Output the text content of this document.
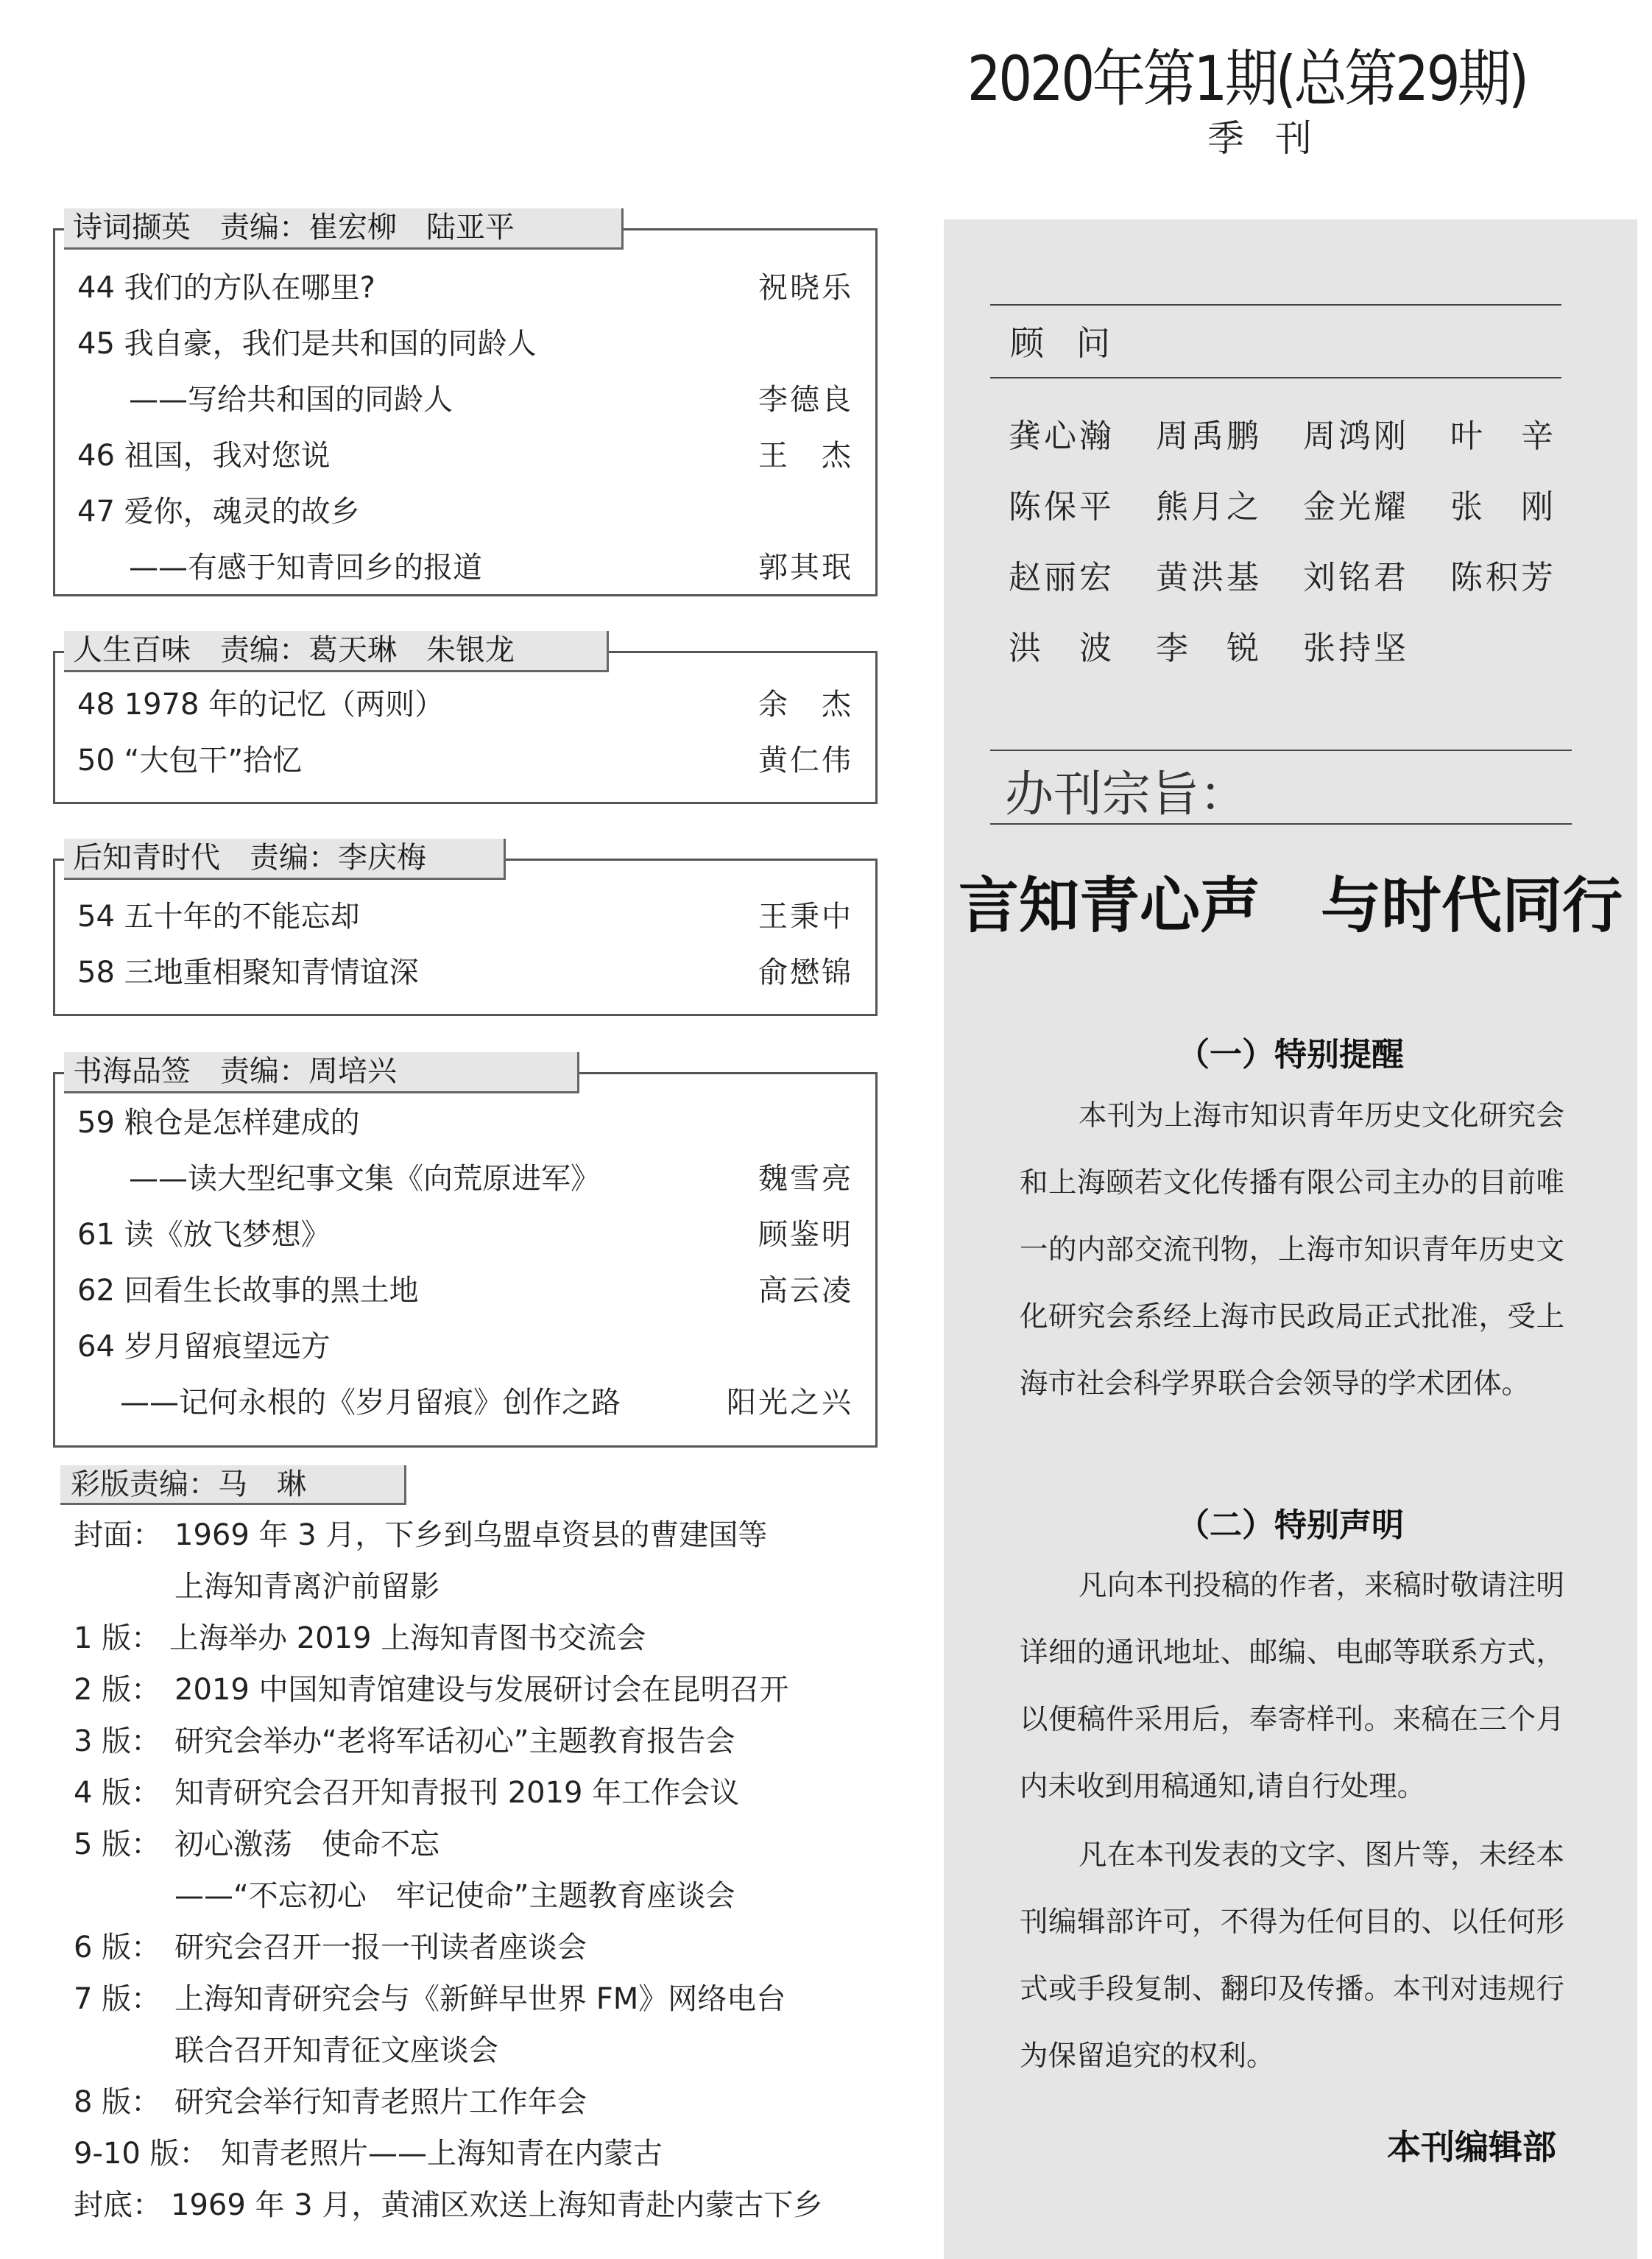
2020年第1期(总第29期)
季刊
诗词撷英　责编：崔宏柳　陆亚平
44 我们的方队在哪里?	祝晓乐
45 我自豪，我们是共和国的同龄人
——写给共和国的同龄人	李德良
46 祖国，我对您说	王　杰
47 爱你，魂灵的故乡
——有感于知青回乡的报道	郭其珉
人生百味　责编：葛天琳　朱银龙
48 1978 年的记忆（两则）	余　杰
50 “大包干”拾忆	黄仁伟
后知青时代　责编：李庆梅
54 五十年的不能忘却	王秉中
58 三地重相聚知青情谊深	俞懋锦
书海品签　责编：周培兴
59 粮仓是怎样建成的
——读大型纪事文集《向荒原进军》	魏雪亮
61 读《放飞梦想》	顾鉴明
62 回看生长故事的黑土地	高云凌
64 岁月留痕望远方
——记何永根的《岁月留痕》创作之路	阳光之兴
彩版责编：马　琳
封面： 1969 年 3 月，下乡到乌盟卓资县的曹建国等
上海知青离沪前留影
1 版： 上海举办 2019 上海知青图书交流会
2 版： 2019 中国知青馆建设与发展研讨会在昆明召开
3 版： 研究会举办“老将军话初心”主题教育报告会
4 版： 知青研究会召开知青报刊 2019 年工作会议
5 版： 初心激荡　使命不忘
——“不忘初心　牢记使命”主题教育座谈会
6 版： 研究会召开一报一刊读者座谈会
7 版： 上海知青研究会与《新鲜早世界 FM》网络电台
联合召开知青征文座谈会
8 版： 研究会举行知青老照片工作年会
9-10 版： 知青老照片——上海知青在内蒙古
封底： 1969 年 3 月，黄浦区欢送上海知青赴内蒙古下乡
顾问
龚心瀚 周禹鹏 周鸿刚 叶　辛
陈保平 熊月之 金光耀 张　刚
赵丽宏 黄洪基 刘铭君 陈积芳
洪　波 李　锐 张持坚
办刊宗旨：
言知青心声　与时代同行
（一）特别提醒
本刊为上海市知识青年历史文化研究会和上海颐若文化传播有限公司主办的目前唯一的内部交流刊物，上海市知识青年历史文化研究会系经上海市民政局正式批准，受上海市社会科学界联合会领导的学术团体。
（二）特别声明
凡向本刊投稿的作者，来稿时敬请注明详细的通讯地址、邮编、电邮等联系方式，以便稿件采用后，奉寄样刊。来稿在三个月内未收到用稿通知,请自行处理。
凡在本刊发表的文字、图片等，未经本刊编辑部许可，不得为任何目的、以任何形式或手段复制、翻印及传播。本刊对违规行为保留追究的权利。
本刊编辑部
